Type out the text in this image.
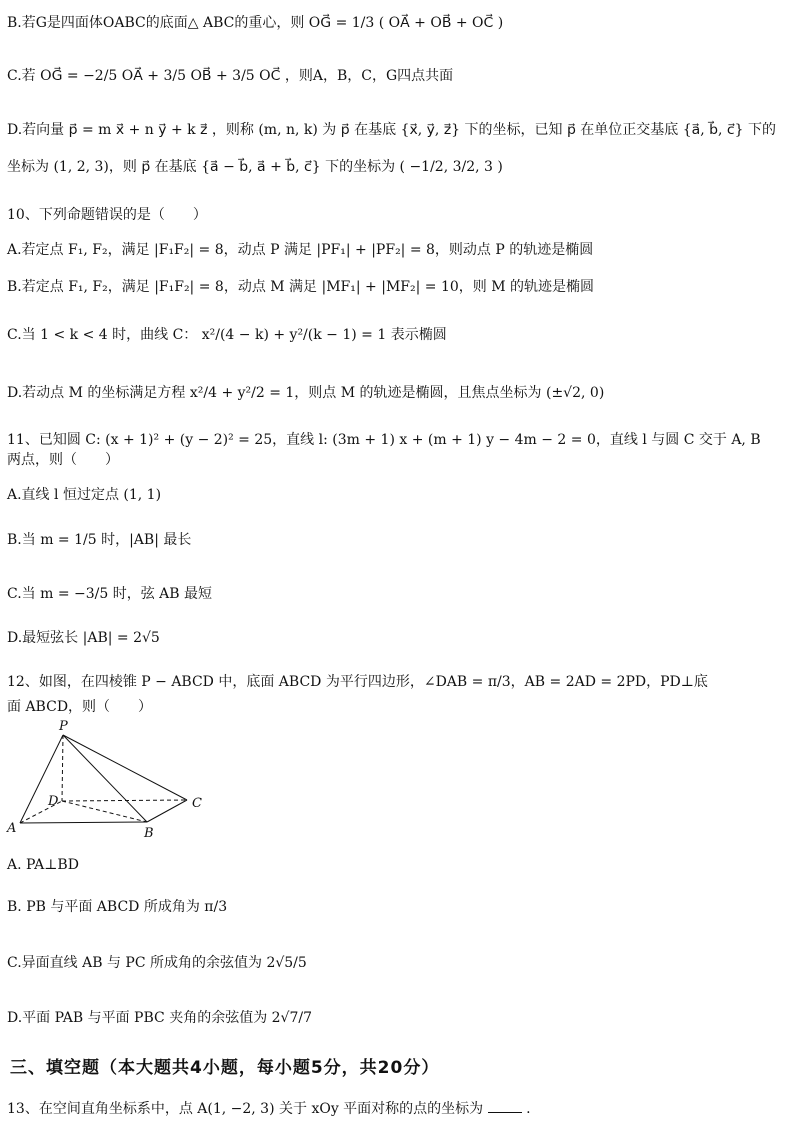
B.若G是四面体OABC的底面△ ABC的重心，则 OG⃗ = 1/3 ( OA⃗ + OB⃗ + OC⃗ )
C.若 OG⃗ = −2/5 OA⃗ + 3/5 OB⃗ + 3/5 OC⃗ ，则A，B，C，G四点共面
D.若向量 p⃗ = m x⃗ + n y⃗ + k z⃗ ，则称 (m, n, k) 为 p⃗ 在基底 {x⃗, y⃗, z⃗} 下的坐标，已知 p⃗ 在单位正交基底 {a⃗, b⃗, c⃗} 下的
坐标为 (1, 2, 3)，则 p⃗ 在基底 {a⃗ − b⃗, a⃗ + b⃗, c⃗} 下的坐标为 ( −1/2, 3/2, 3 )
10、下列命题错误的是（　　）
A.若定点 F₁, F₂，满足 |F₁F₂| = 8，动点 P 满足 |PF₁| + |PF₂| = 8，则动点 P 的轨迹是椭圆
B.若定点 F₁, F₂，满足 |F₁F₂| = 8，动点 M 满足 |MF₁| + |MF₂| = 10，则 M 的轨迹是椭圆
C.当 1 < k < 4 时，曲线 C： x²/(4 − k) + y²/(k − 1) = 1 表示椭圆
D.若动点 M 的坐标满足方程 x²/4 + y²/2 = 1，则点 M 的轨迹是椭圆，且焦点坐标为 (±√2, 0)
11、已知圆 C: (x + 1)² + (y − 2)² = 25，直线 l: (3m + 1) x + (m + 1) y − 4m − 2 = 0，直线 l 与圆 C 交于 A, B
两点，则（　　）
A.直线 l 恒过定点 (1, 1)
B.当 m = 1/5 时，|AB| 最长
C.当 m = −3/5 时，弦 AB 最短
D.最短弦长 |AB| = 2√5
12、如图，在四棱锥 P − ABCD 中，底面 ABCD 为平行四边形，∠DAB = π/3，AB = 2AD = 2PD，PD⊥底
面 ABCD，则（　　）
P
D	C
A	B
A. PA⊥BD
B. PB 与平面 ABCD 所成角为 π/3
C.异面直线 AB 与 PC 所成角的余弦值为 2√5/5
D.平面 PAB 与平面 PBC 夹角的余弦值为 2√7/7
三、填空题（本大题共4小题，每小题5分，共20分）
13、在空间直角坐标系中，点 A(1, −2, 3) 关于 xOy 平面对称的点的坐标为	.
